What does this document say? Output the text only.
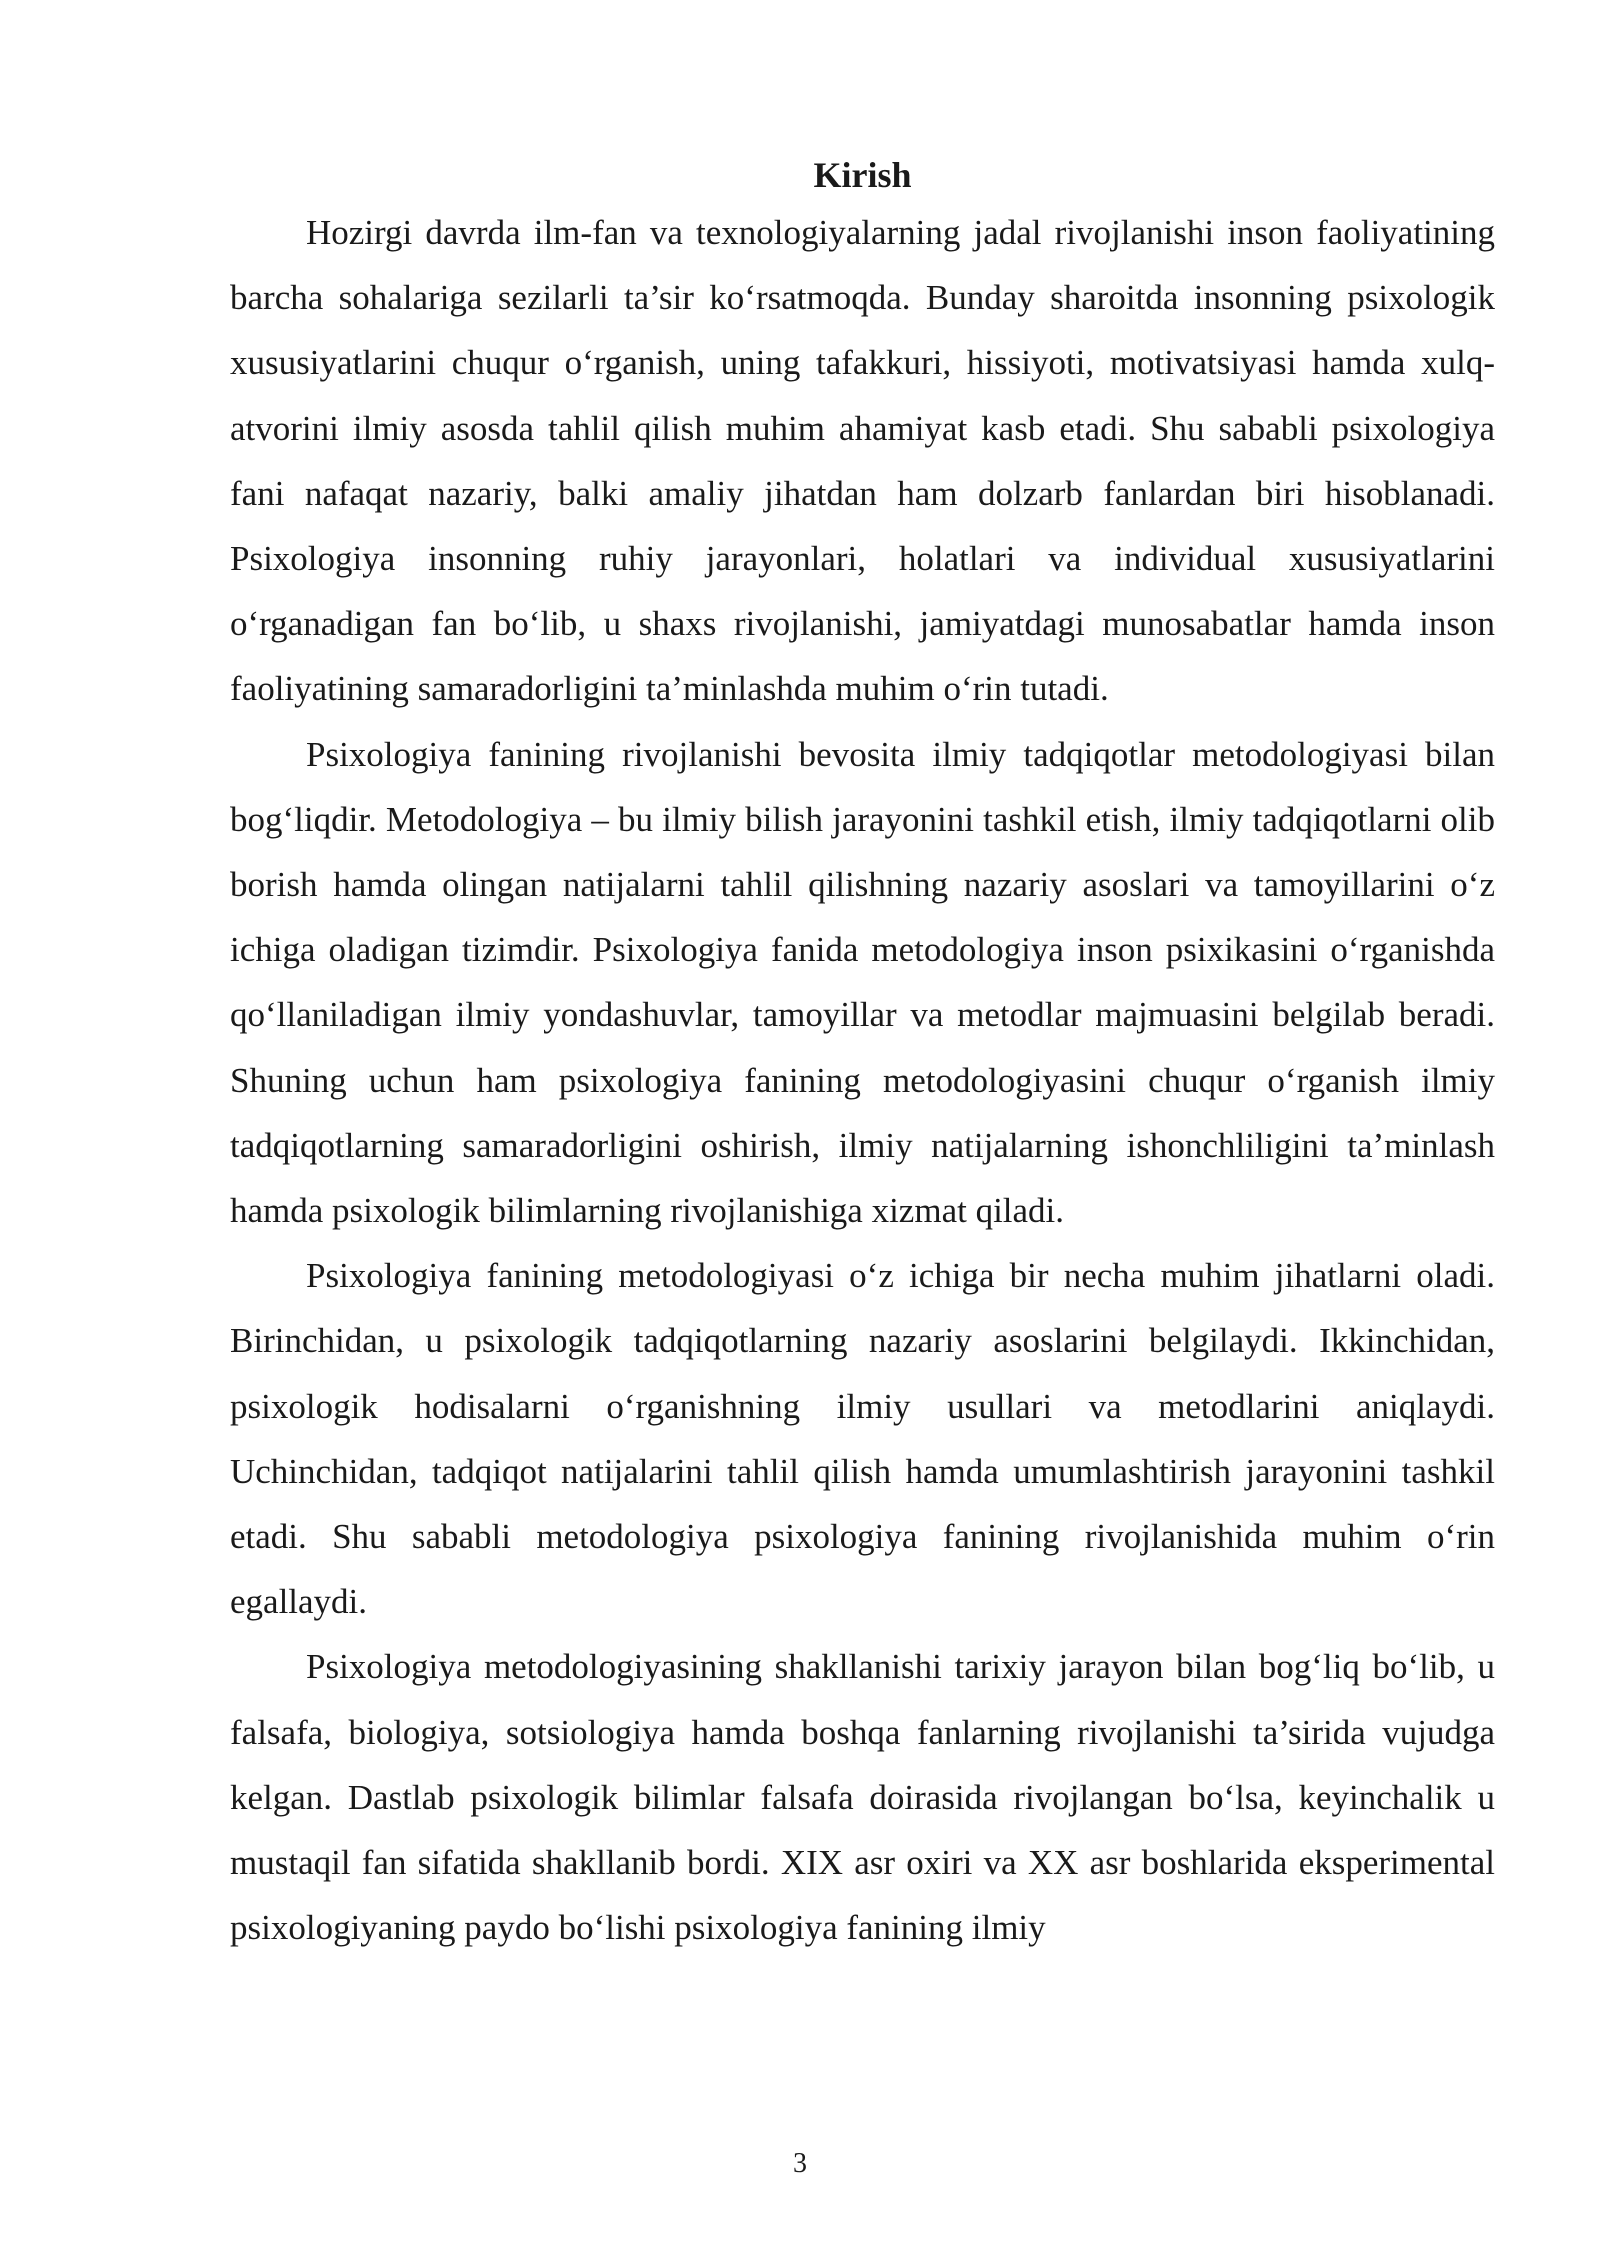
Kirish

Hozirgi davrda ilm-fan va texnologiyalarning jadal rivojlanishi inson faoliyatining barcha sohalariga sezilarli ta’sir ko‘rsatmoqda. Bunday sharoitda insonning psixologik xususiyatlarini chuqur o‘rganish, uning tafakkuri, hissiyoti, motivatsiyasi hamda xulq-atvorini ilmiy asosda tahlil qilish muhim ahamiyat kasb etadi. Shu sababli psixologiya fani nafaqat nazariy, balki amaliy jihatdan ham dolzarb fanlardan biri hisoblanadi. Psixologiya insonning ruhiy jarayonlari, holatlari va individual xususiyatlarini o‘rganadigan fan bo‘lib, u shaxs rivojlanishi, jamiyatdagi munosabatlar hamda inson faoliyatining samaradorligini ta’minlashda muhim o‘rin tutadi.

Psixologiya fanining rivojlanishi bevosita ilmiy tadqiqotlar metodologiyasi bilan bog‘liqdir. Metodologiya – bu ilmiy bilish jarayonini tashkil etish, ilmiy tadqiqotlarni olib borish hamda olingan natijalarni tahlil qilishning nazariy asoslari va tamoyillarini o‘z ichiga oladigan tizimdir. Psixologiya fanida metodologiya inson psixikasini o‘rganishda qo‘llaniladigan ilmiy yondashuvlar, tamoyillar va metodlar majmuasini belgilab beradi. Shuning uchun ham psixologiya fanining metodologiyasini chuqur o‘rganish ilmiy tadqiqotlarning samaradorligini oshirish, ilmiy natijalarning ishonchliligini ta’minlash hamda psixologik bilimlarning rivojlanishiga xizmat qiladi.

Psixologiya fanining metodologiyasi o‘z ichiga bir necha muhim jihatlarni oladi. Birinchidan, u psixologik tadqiqotlarning nazariy asoslarini belgilaydi. Ikkinchidan, psixologik hodisalarni o‘rganishning ilmiy usullari va metodlarini aniqlaydi. Uchinchidan, tadqiqot natijalarini tahlil qilish hamda umumlashtirish jarayonini tashkil etadi. Shu sababli metodologiya psixologiya fanining rivojlanishida muhim o‘rin egallaydi.

Psixologiya metodologiyasining shakllanishi tarixiy jarayon bilan bog‘liq bo‘lib, u falsafa, biologiya, sotsiologiya hamda boshqa fanlarning rivojlanishi ta’sirida vujudga kelgan. Dastlab psixologik bilimlar falsafa doirasida rivojlangan bo‘lsa, keyinchalik u mustaqil fan sifatida shakllanib bordi. XIX asr oxiri va XX asr boshlarida eksperimental psixologiyaning paydo bo‘lishi psixologiya fanining ilmiy

3
